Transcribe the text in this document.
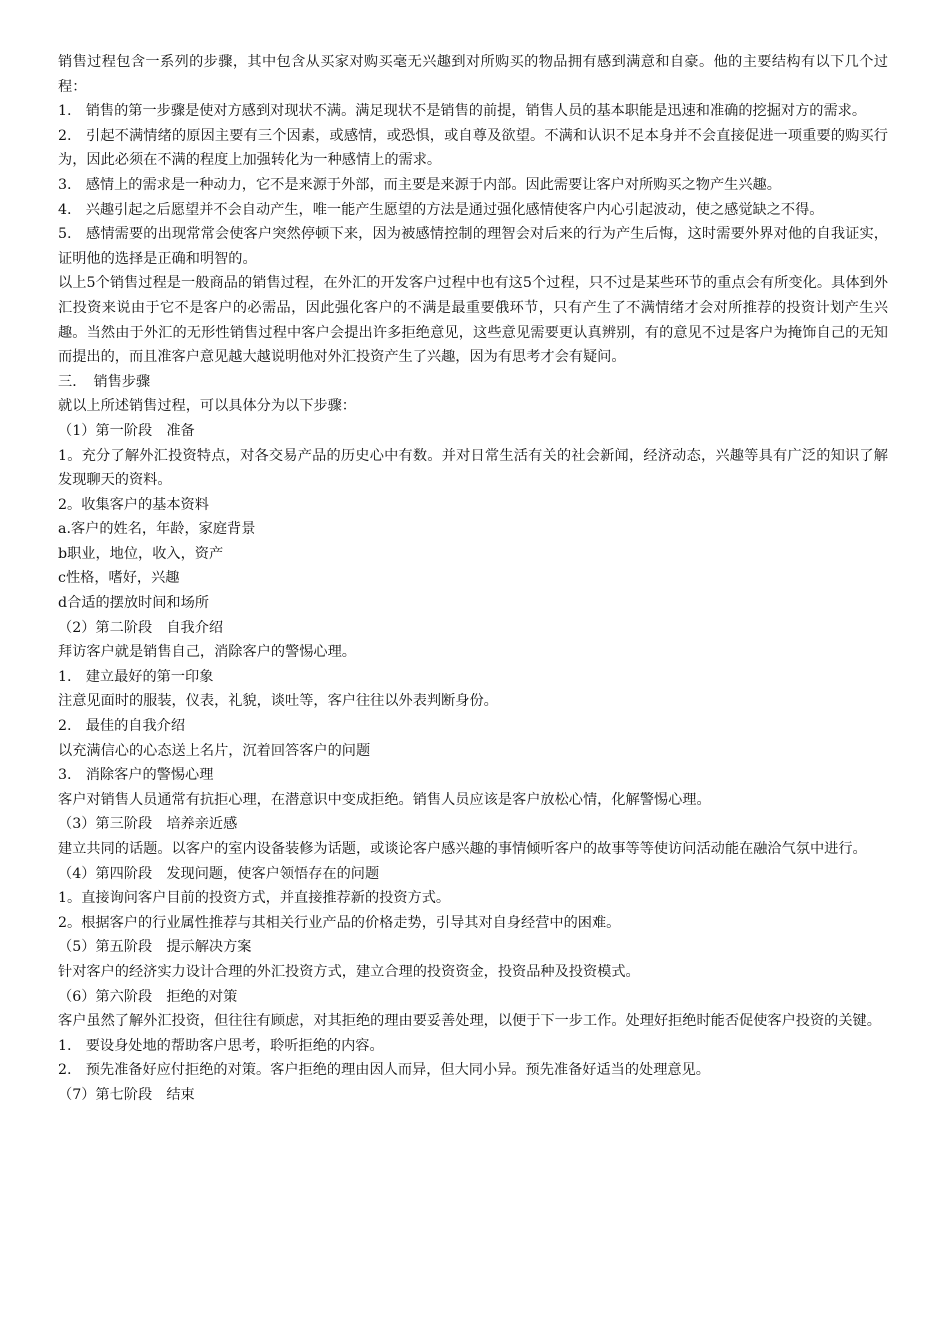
销售过程包含一系列的步骤，其中包含从买家对购买毫无兴趣到对所购买的物品拥有感到满意和自豪。他的主要结构有以下几个过程：

1.　销售的第一步骤是使对方感到对现状不满。满足现状不是销售的前提，销售人员的基本职能是迅速和准确的挖掘对方的需求。

2.　引起不满情绪的原因主要有三个因素，或感情，或恐惧，或自尊及欲望。不满和认识不足本身并不会直接促进一项重要的购买行为，因此必须在不满的程度上加强转化为一种感情上的需求。

3.　感情上的需求是一种动力，它不是来源于外部，而主要是来源于内部。因此需要让客户对所购买之物产生兴趣。

4.　兴趣引起之后愿望并不会自动产生，唯一能产生愿望的方法是通过强化感情使客户内心引起波动，使之感觉缺之不得。

5.　感情需要的出现常常会使客户突然停顿下来，因为被感情控制的理智会对后来的行为产生后悔，这时需要外界对他的自我证实，证明他的选择是正确和明智的。

以上5个销售过程是一般商品的销售过程，在外汇的开发客户过程中也有这5个过程，只不过是某些环节的重点会有所变化。具体到外汇投资来说由于它不是客户的必需品，因此强化客户的不满是最重要俄环节，只有产生了不满情绪才会对所推荐的投资计划产生兴趣。当然由于外汇的无形性销售过程中客户会提出许多拒绝意见，这些意见需要更认真辨别，有的意见不过是客户为掩饰自己的无知而提出的，而且准客户意见越大越说明他对外汇投资产生了兴趣，因为有思考才会有疑问。

三．　销售步骤

就以上所述销售过程，可以具体分为以下步骤：

（1）第一阶段　准备

1。充分了解外汇投资特点，对各交易产品的历史心中有数。并对日常生活有关的社会新闻，经济动态，兴趣等具有广泛的知识了解发现聊天的资料。

2。收集客户的基本资料

a.客户的姓名，年龄，家庭背景

b职业，地位，收入，资产

c性格，嗜好，兴趣

d合适的摆放时间和场所

（2）第二阶段　自我介绍

拜访客户就是销售自己，消除客户的警惕心理。

1.　建立最好的第一印象

注意见面时的服装，仪表，礼貌，谈吐等，客户往往以外表判断身份。

2.　最佳的自我介绍

以充满信心的心态送上名片，沉着回答客户的问题

3.　消除客户的警惕心理

客户对销售人员通常有抗拒心理，在潜意识中变成拒绝。销售人员应该是客户放松心情，化解警惕心理。

（3）第三阶段　培养亲近感

建立共同的话题。以客户的室内设备装修为话题，或谈论客户感兴趣的事情倾听客户的故事等等使访问活动能在融洽气氛中进行。

（4）第四阶段　发现问题，使客户领悟存在的问题

1。直接询问客户目前的投资方式，并直接推荐新的投资方式。

2。根据客户的行业属性推荐与其相关行业产品的价格走势，引导其对自身经营中的困难。

（5）第五阶段　提示解决方案

针对客户的经济实力设计合理的外汇投资方式，建立合理的投资资金，投资品种及投资模式。

（6）第六阶段　拒绝的对策

客户虽然了解外汇投资，但往往有顾虑，对其拒绝的理由要妥善处理，以便于下一步工作。处理好拒绝时能否促使客户投资的关键。

1.　要设身处地的帮助客户思考，聆听拒绝的内容。

2.　预先准备好应付拒绝的对策。客户拒绝的理由因人而异，但大同小异。预先准备好适当的处理意见。

（7）第七阶段　结束
